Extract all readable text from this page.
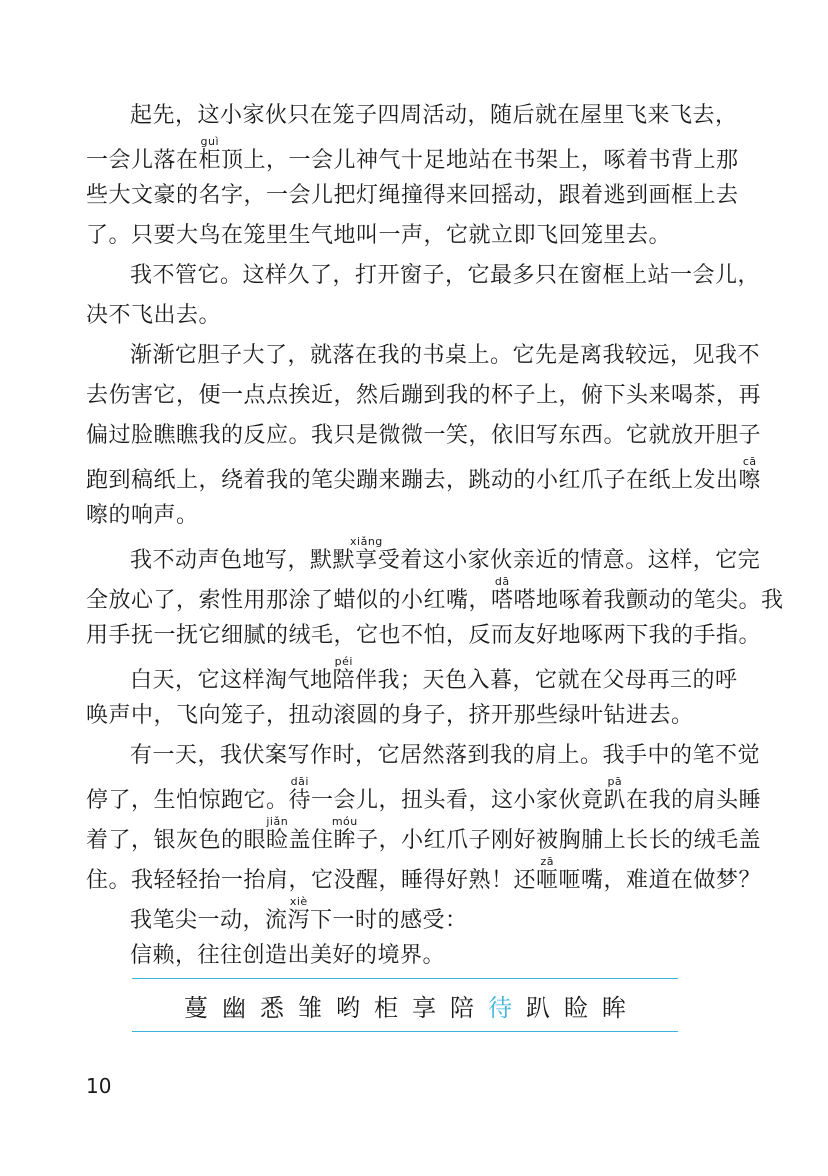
起先，这小家伙只在笼子四周活动，随后就在屋里飞来飞去，
一会儿落在柜guì顶上，一会儿神气十足地站在书架上，啄着书背上那
些大文豪的名字，一会儿把灯绳撞得来回摇动，跟着逃到画框上去
了。只要大鸟在笼里生气地叫一声，它就立即飞回笼里去。
我不管它。这样久了，打开窗子，它最多只在窗框上站一会儿，
决不飞出去。
渐渐它胆子大了，就落在我的书桌上。它先是离我较远，见我不
去伤害它，便一点点挨近，然后蹦到我的杯子上，俯下头来喝茶，再
偏过脸瞧瞧我的反应。我只是微微一笑，依旧写东西。它就放开胆子
跑到稿纸上，绕着我的笔尖蹦来蹦去，跳动的小红爪子在纸上发出嚓cā
嚓的响声。
我不动声色地写，默默享xiǎng受着这小家伙亲近的情意。这样，它完
全放心了，索性用那涂了蜡似的小红嘴，嗒dā嗒地啄着我颤动的笔尖。我
用手抚一抚它细腻的绒毛，它也不怕，反而友好地啄两下我的手指。
白天，它这样淘气地陪péi伴我；天色入暮，它就在父母再三的呼
唤声中，飞向笼子，扭动滚圆的身子，挤开那些绿叶钻进去。
有一天，我伏案写作时，它居然落到我的肩上。我手中的笔不觉
停了，生怕惊跑它。待dāi一会儿，扭头看，这小家伙竟趴pā在我的肩头睡
着了，银灰色的眼睑jiǎn盖住眸móu子，小红爪子刚好被胸脯上长长的绒毛盖
住。我轻轻抬一抬肩，它没醒，睡得好熟！还咂zā咂嘴，难道在做梦？
我笔尖一动，流泻xiè下一时的感受：
信赖，往往创造出美好的境界。
蔓 幽 悉 雏 哟 柜 享 陪 待 趴 睑 眸
10
